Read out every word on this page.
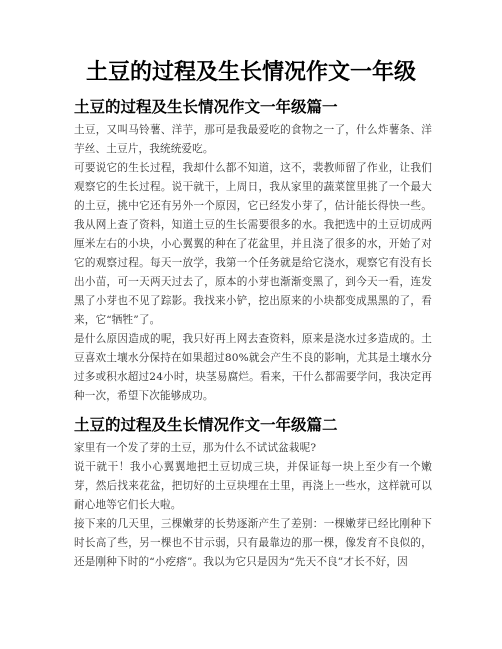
土豆的过程及生长情况作文一年级
土豆的过程及生长情况作文一年级篇一

土豆，又叫马铃薯、洋芋，那可是我最爱吃的食物之一了，什么炸薯条、洋芋丝、土豆片，我统统爱吃。

可要说它的生长过程，我却什么都不知道，这不，裴教师留了作业，让我们观察它的生长过程。说干就干，上周日，我从家里的蔬菜筐里挑了一个最大的土豆，挑中它还有另外一个原因，它已经发小芽了，估计能长得快一些。我从网上查了资料，知道土豆的生长需要很多的水。我把选中的土豆切成两厘米左右的小块，小心翼翼的种在了花盆里，并且浇了很多的水，开始了对它的观察过程。每天一放学，我第一个任务就是给它浇水，观察它有没有长出小苗，可一天两天过去了，原本的小芽也渐渐变黑了，到今天一看，连发黑了小芽也不见了踪影。我找来小铲，挖出原来的小块都变成黑黑的了，看来，它“牺牲”了。

是什么原因造成的呢，我只好再上网去查资料，原来是浇水过多造成的。土豆喜欢土壤水分保持在如果超过80%就会产生不良的影响，尤其是土壤水分过多或积水超过24小时，块茎易腐烂。看来，干什么都需要学问，我决定再种一次，希望下次能够成功。

土豆的过程及生长情况作文一年级篇二

家里有一个发了芽的土豆，那为什么不试试盆栽呢?

说干就干！我小心翼翼地把土豆切成三块，并保证每一块上至少有一个嫩芽，然后找来花盆，把切好的土豆块埋在土里，再浇上一些水，这样就可以耐心地等它们长大啦。

接下来的几天里，三棵嫩芽的长势逐渐产生了差别：一棵嫩芽已经比刚种下时长高了些，另一棵也不甘示弱，只有最靠边的那一棵，像发育不良似的，还是刚种下时的“小疙瘩”。我以为它只是因为“先天不良”才长不好，因
